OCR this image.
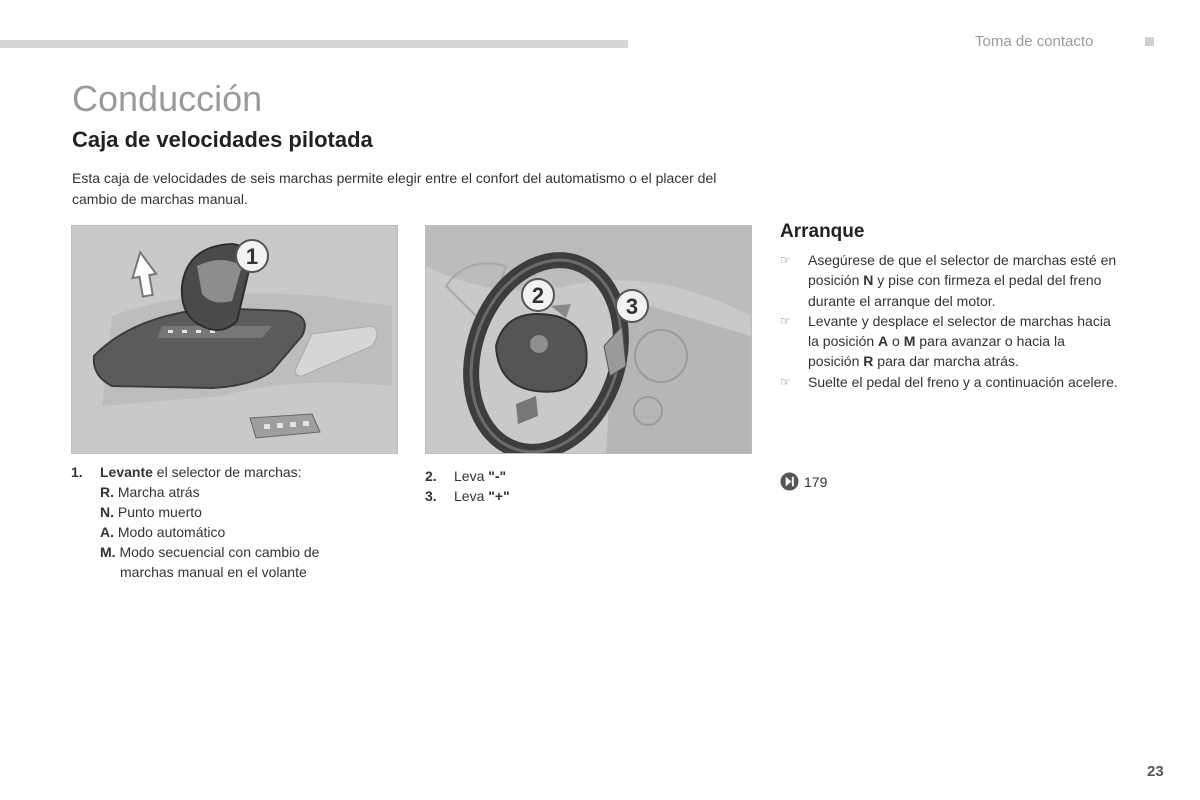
Toma de contacto
Conducción
Caja de velocidades pilotada

Esta caja de velocidades de seis marchas permite elegir entre el confort del automatismo o el placer del cambio de marchas manual.

1
2	3
1.	Levante el selector de marchas:
R. Marcha atrás
N. Punto muerto
A. Modo automático
M. Modo secuencial con cambio de
marchas manual en el volante
2.	Leva "-"
3.	Leva "+"
Arranque
☞ Asegúrese de que el selector de marchas esté en posición N y pise con firmeza el pedal del freno durante el arranque del motor.
☞ Levante y desplace el selector de marchas hacia la posición A o M para avanzar o hacia la posición R para dar marcha atrás.
☞ Suelte el pedal del freno y a continuación acelere.
179
23
